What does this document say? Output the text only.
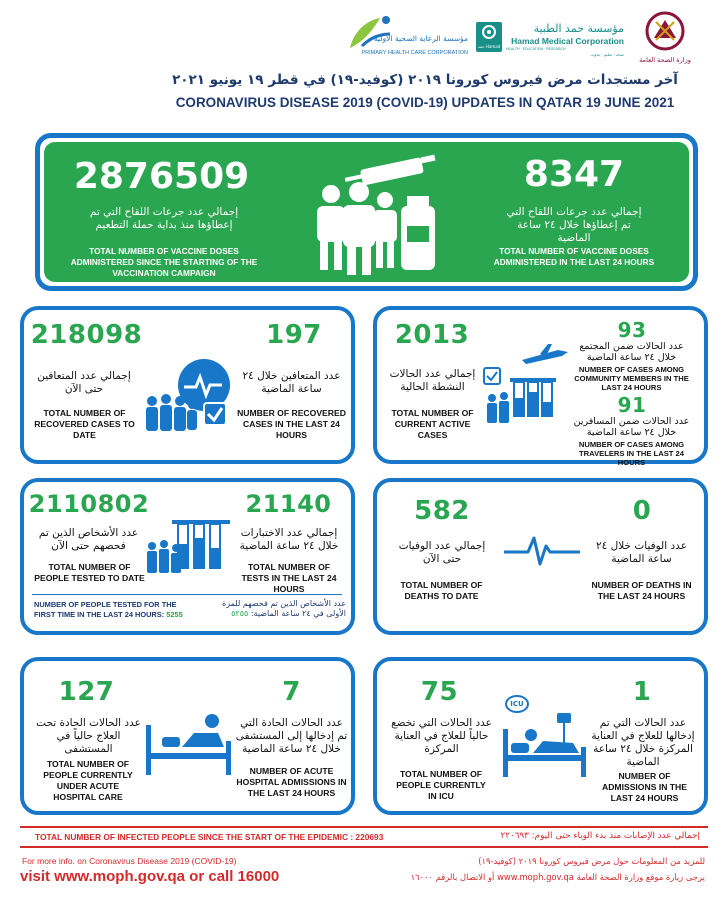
مؤسسة الرعاية الصحية الأولية
PRIMARY HEALTH CARE CORPORATION
حمد Hamad
مؤسسة حمد الطبية
Hamad Medical Corporation
HEALTH · EDUCATION · RESEARCH
صحة · تعليم · بحوث
وزارة الصحة العامة
آخر مستجدات مرض فيروس كورونا ٢٠١٩ (كوفيد-١٩) في قطر ١٩ يونيو ٢٠٢١
CORONAVIRUS DISEASE 2019 (COVID-19) UPDATES IN QATAR 19 JUNE 2021
2876509
إجمالي عدد جرعات اللقاح التي تم إعطاؤها منذ بداية حملة التطعيم
TOTAL NUMBER OF VACCINE DOSES ADMINISTERED SINCE THE STARTING OF THE VACCINATION CAMPAIGN
8347
إجمالي عدد جرعات اللقاح التي تم إعطاؤها خلال ٢٤ ساعة الماضية
TOTAL NUMBER OF VACCINE DOSES ADMINISTERED IN THE LAST 24 HOURS
218098
إجمالي عدد المتعافين حتى الآن
TOTAL NUMBER OF RECOVERED CASES TO DATE
197
عدد المتعافين خلال ٢٤ ساعة الماضية
NUMBER OF RECOVERED CASES IN THE LAST 24 HOURS
2013
إجمالي عدد الحالات النشطة الحالية
TOTAL NUMBER OF CURRENT ACTIVE CASES
93
عدد الحالات ضمن المجتمع خلال ٢٤ ساعة الماضية
NUMBER OF CASES AMONG COMMUNITY MEMBERS IN THE LAST 24 HOURS
91
عدد الحالات ضمن المسافرين خلال ٢٤ ساعة الماضية
NUMBER OF CASES AMONG TRAVELERS IN THE LAST 24 HOURS
2110802
عدد الأشخاص الذين تم فحصهم حتى الآن
TOTAL NUMBER OF PEOPLE TESTED TO DATE
21140
إجمالي عدد الاختبارات خلال ٢٤ ساعة الماضية
TOTAL NUMBER OF TESTS IN THE LAST 24 HOURS
NUMBER OF PEOPLE TESTED FOR THE FIRST TIME IN THE LAST 24 HOURS: 5255
عدد الأشخاص الذين تم فحصهم للمرة الأولى في ٢٤ ساعة الماضية: ٥٢٥٥
582
إجمالي عدد الوفيات حتى الآن
TOTAL NUMBER OF DEATHS TO DATE
0
عدد الوفيات خلال ٢٤ ساعة الماضية
NUMBER OF DEATHS IN THE LAST 24 HOURS
127
عدد الحالات الحادة تحت العلاج حالياً في المستشفى
TOTAL NUMBER OF PEOPLE CURRENTLY UNDER ACUTE HOSPITAL CARE
7
عدد الحالات الحادة التي تم إدخالها إلى المستشفى خلال ٢٤ ساعة الماضية
NUMBER OF ACUTE HOSPITAL ADMISSIONS IN THE LAST 24 HOURS
75
عدد الحالات التي تخضع حالياً للعلاج في العناية المركزة
TOTAL NUMBER OF PEOPLE CURRENTLY IN ICU
1
عدد الحالات التي تم إدخالها للعلاج في العناية المركزة خلال ٢٤ ساعة الماضية
NUMBER OF ADMISSIONS IN THE LAST 24 HOURS
ICU
TOTAL NUMBER OF INFECTED PEOPLE SINCE THE START OF THE EPIDEMIC : 220693	إجمالي عدد الإصابات منذ بدء الوباء حتى اليوم: ٢٢٠٦٩٣
For more info. on Coronavirus Disease 2019 (COVID-19)
visit www.moph.gov.qa or call 16000
للمزيد من المعلومات حول مرض فيروس كورونا ٢٠١٩ (كوفيد-١٩)
يرجى زيارة موقع وزارة الصحة العامة www.moph.gov.qa أو الاتصال بالرقم ١٦٠٠٠
